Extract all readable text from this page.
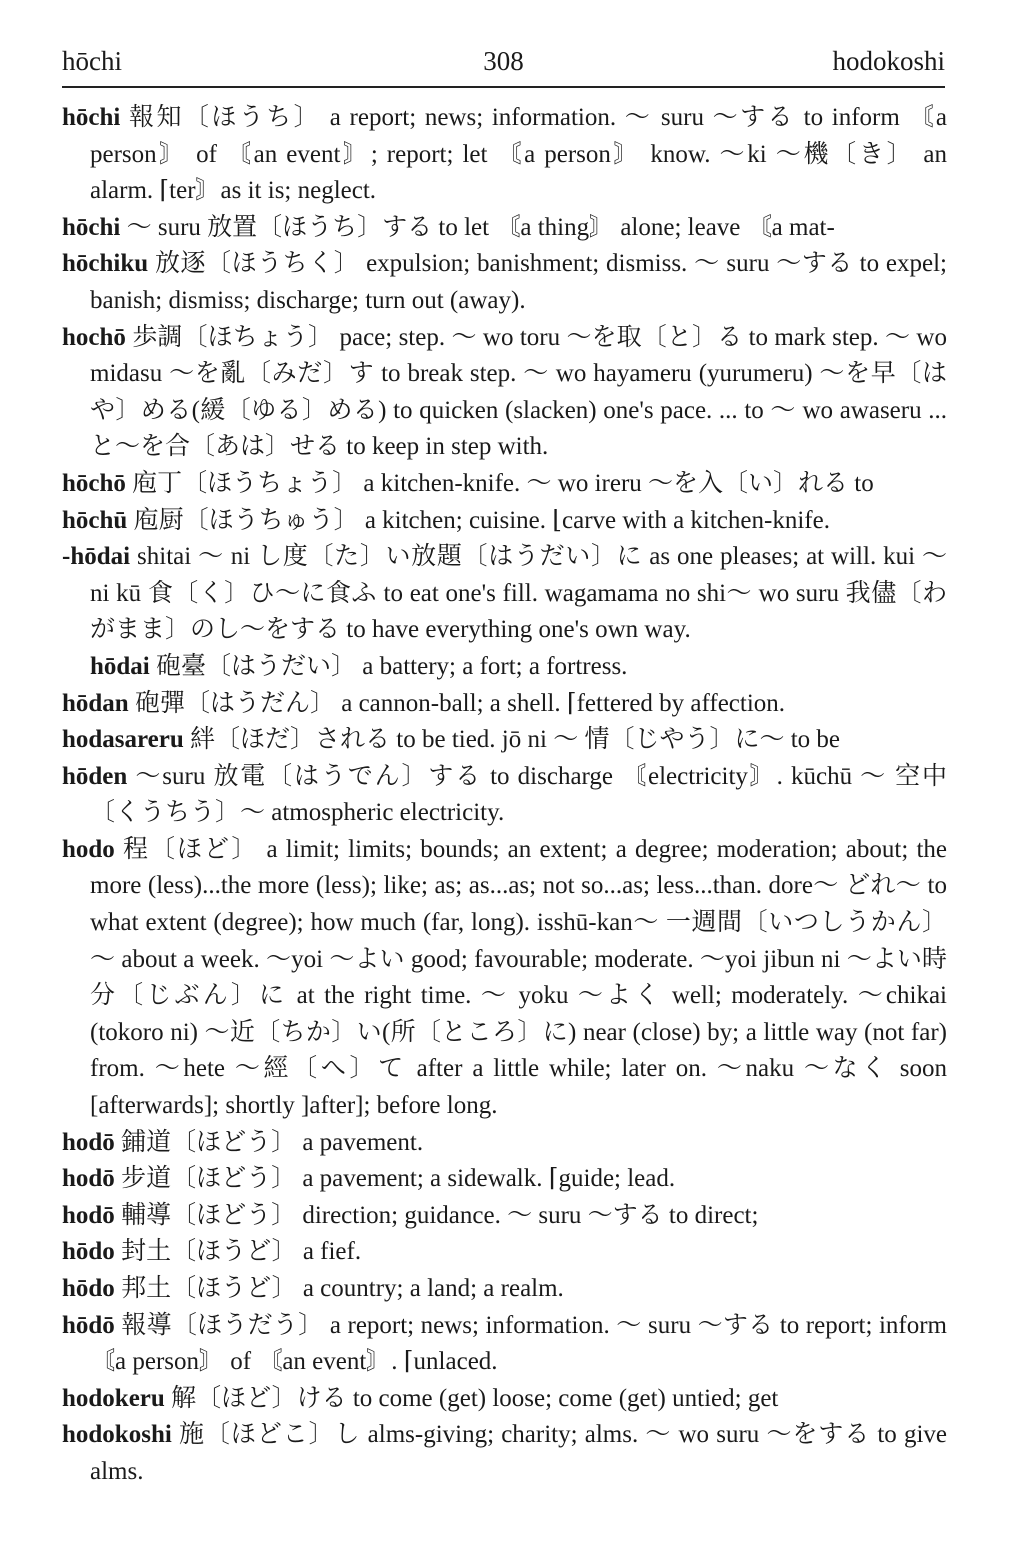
hōchi	308	hodokoshi
hōchi 報知〔ほうち〕 a report; news; information. ～ suru ～する to inform 〘a person〙 of 〘an event〙; report; let 〘a person〙 know. ～ki ～機〔き〕 an alarm. ⌈ter〙as it is; neglect.
hōchi ～ suru 放置〔ほうち〕する to let 〘a thing〙 alone; leave 〘a mat-
hōchiku 放逐〔ほうちく〕 expulsion; banishment; dismiss. ～ suru ～する to expel; banish; dismiss; discharge; turn out (away).
hochō 歩調〔ほちょう〕 pace; step. ～ wo toru ～を取〔と〕る to mark step. ～ wo midasu ～を亂〔みだ〕す to break step. ～ wo hayameru (yurumeru) ～を早〔はや〕める(緩〔ゆる〕める) to quicken (slacken) one's pace. ... to ～ wo awaseru ...と～を合〔あは〕せる to keep in step with.
hōchō 庖丁〔ほうちょう〕 a kitchen-knife. ～ wo ireru ～を入〔い〕れる to
hōchū 庖厨〔ほうちゅう〕 a kitchen; cuisine. ⌊carve with a kitchen-knife.
-hōdai shitai ～ ni し度〔た〕い放題〔はうだい〕に as one pleases; at will. kui ～ ni kū 食〔く〕ひ～に食ふ to eat one's fill. wagamama no shi～ wo suru 我儘〔わがまま〕のし～をする to have everything one's own way.
hōdai 砲臺〔はうだい〕 a battery; a fort; a fortress.
hōdan 砲彈〔はうだん〕 a cannon-ball; a shell. ⌈fettered by affection.
hodasareru 絆〔ほだ〕される to be tied. jō ni ～ 情〔じやう〕に～ to be
hōden ～suru 放電〔はうでん〕する to discharge 〘electricity〙. kūchū ～ 空中〔くうちう〕～ atmospheric electricity.
hodo 程〔ほど〕 a limit; limits; bounds; an extent; a degree; moderation; about; the more (less)...the more (less); like; as; as...as; not so...as; less...than. dore～ どれ～ to what extent (degree); how much (far, long). isshū-kan～ 一週間〔いつしうかん〕～ about a week. ～yoi ～よい good; favourable; moderate. ～yoi jibun ni ～よい時分〔じぶん〕に at the right time. ～ yoku ～よく well; moderately. ～chikai (tokoro ni) ～近〔ちか〕い(所〔ところ〕に) near (close) by; a little way (not far) from. ～hete ～經〔へ〕て after a little while; later on. ～naku ～なく soon [afterwards]; shortly ]after]; before long.
hodō 鋪道〔ほどう〕 a pavement.
hodō 步道〔ほどう〕 a pavement; a sidewalk. ⌈guide; lead.
hodō 輔導〔ほどう〕 direction; guidance. ～ suru ～する to direct;
hōdo 封土〔ほうど〕 a fief.
hōdo 邦土〔ほうど〕 a country; a land; a realm.
hōdō 報導〔ほうだう〕 a report; news; information. ～ suru ～する to report; inform 〘a person〙 of 〘an event〙. ⌈unlaced.
hodokeru 解〔ほど〕ける to come (get) loose; come (get) untied; get
hodokoshi 施〔ほどこ〕し alms-giving; charity; alms. ～ wo suru ～をする to give alms.
